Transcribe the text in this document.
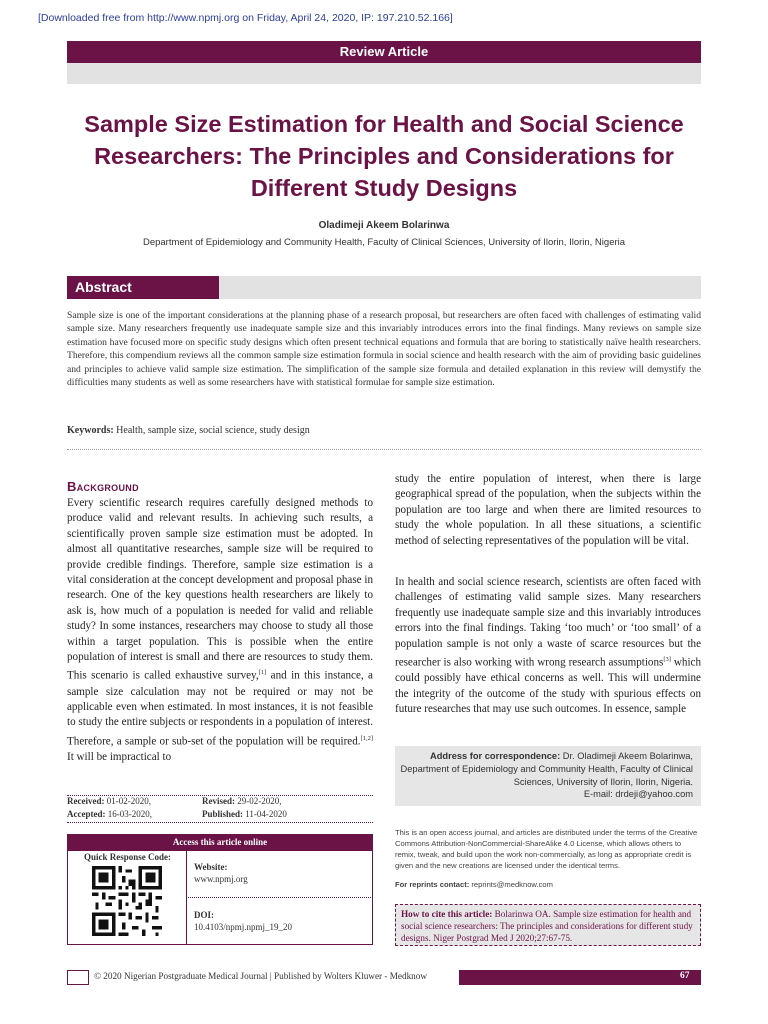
[Downloaded free from http://www.npmj.org on Friday, April 24, 2020, IP: 197.210.52.166]
Review Article
Sample Size Estimation for Health and Social Science Researchers: The Principles and Considerations for Different Study Designs
Oladimeji Akeem Bolarinwa
Department of Epidemiology and Community Health, Faculty of Clinical Sciences, University of Ilorin, Ilorin, Nigeria
Abstract
Sample size is one of the important considerations at the planning phase of a research proposal, but researchers are often faced with challenges of estimating valid sample size. Many researchers frequently use inadequate sample size and this invariably introduces errors into the final findings. Many reviews on sample size estimation have focused more on specific study designs which often present technical equations and formula that are boring to statistically naïve health researchers. Therefore, this compendium reviews all the common sample size estimation formula in social science and health research with the aim of providing basic guidelines and principles to achieve valid sample size estimation. The simplification of the sample size formula and detailed explanation in this review will demystify the difficulties many students as well as some researchers have with statistical formulae for sample size estimation.
Keywords: Health, sample size, social science, study design
Background
Every scientific research requires carefully designed methods to produce valid and relevant results. In achieving such results, a scientifically proven sample size estimation must be adopted. In almost all quantitative researches, sample size will be required to provide credible findings. Therefore, sample size estimation is a vital consideration at the concept development and proposal phase in research. One of the key questions health researchers are likely to ask is, how much of a population is needed for valid and reliable study? In some instances, researchers may choose to study all those within a target population. This is possible when the entire population of interest is small and there are resources to study them. This scenario is called exhaustive survey,[1] and in this instance, a sample size calculation may not be required or may not be applicable even when estimated. In most instances, it is not feasible to study the entire subjects or respondents in a population of interest. Therefore, a sample or sub-set of the population will be required.[1,2] It will be impractical to
study the entire population of interest, when there is large geographical spread of the population, when the subjects within the population are too large and when there are limited resources to study the whole population. In all these situations, a scientific method of selecting representatives of the population will be vital.
In health and social science research, scientists are often faced with challenges of estimating valid sample sizes. Many researchers frequently use inadequate sample size and this invariably introduces errors into the final findings. Taking ‘too much’ or ‘too small’ of a population sample is not only a waste of scarce resources but the researcher is also working with wrong research assumptions[3] which could possibly have ethical concerns as well. This will undermine the integrity of the outcome of the study with spurious effects on future researches that may use such outcomes. In essence, sample
Address for correspondence: Dr. Oladimeji Akeem Bolarinwa,
Department of Epidemiology and Community Health, Faculty of Clinical
Sciences, University of Ilorin, Ilorin, Nigeria.
E-mail: drdeji@yahoo.com
Received: 01-02-2020,	Revised: 29-02-2020,
Accepted: 16-03-2020,	Published: 11-04-2020
Access this article online
Quick Response Code:
Website:
www.npmj.org
DOI:
10.4103/npmj.npmj_19_20
This is an open access journal, and articles are distributed under the terms of the Creative Commons Attribution-NonCommercial-ShareAlike 4.0 License, which allows others to remix, tweak, and build upon the work non-commercially, as long as appropriate credit is given and the new creations are licensed under the identical terms.
For reprints contact: reprints@medknow.com
How to cite this article: Bolarinwa OA. Sample size estimation for health and social science researchers: The principles and considerations for different study designs. Niger Postgrad Med J 2020;27:67-75.
© 2020 Nigerian Postgraduate Medical Journal | Published by Wolters Kluwer - Medknow	67
